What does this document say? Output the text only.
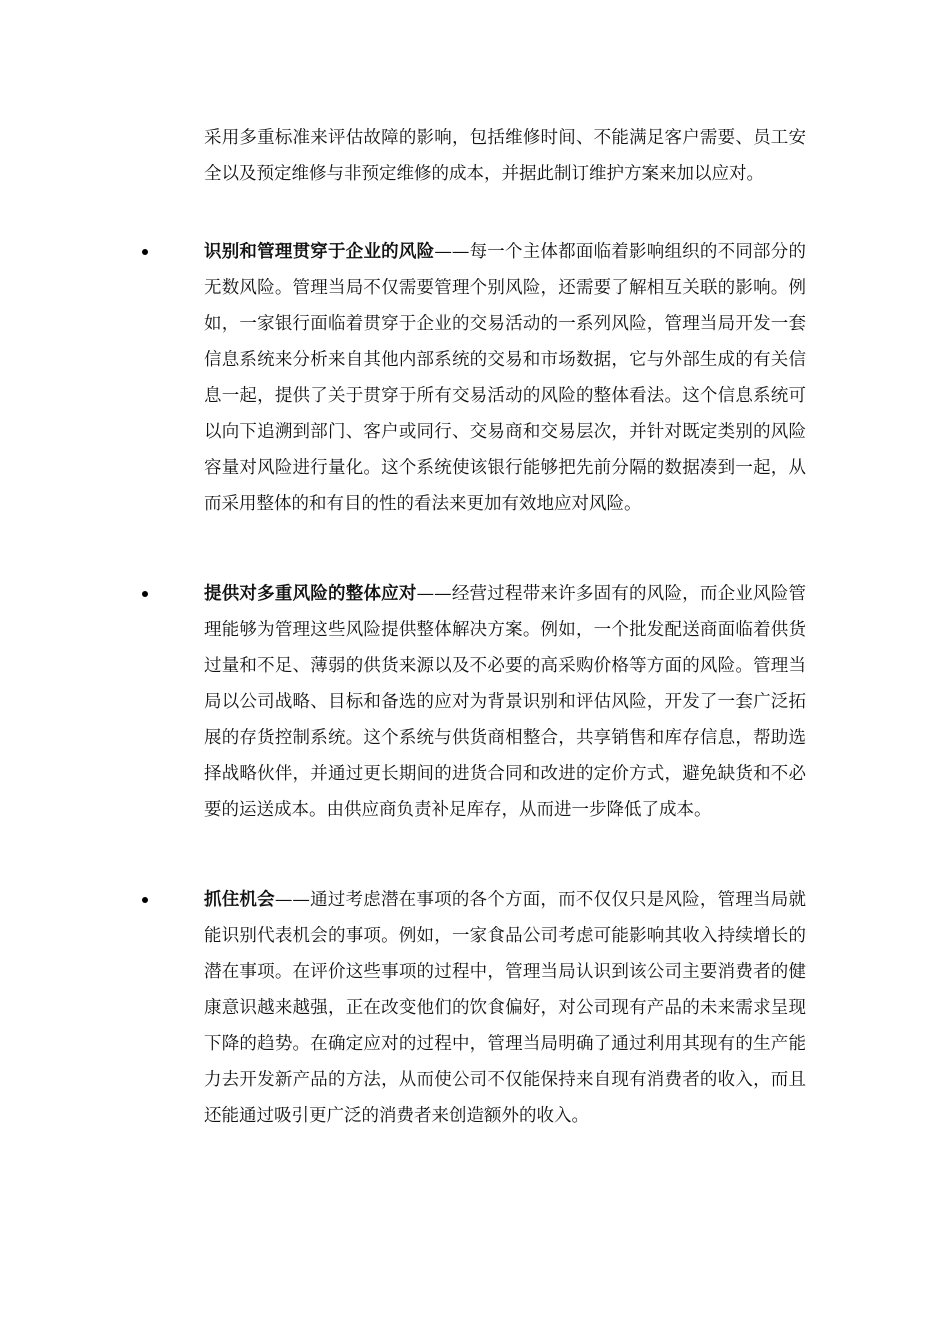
采用多重标准来评估故障的影响，包括维修时间、不能满足客户需要、员工安全以及预定维修与非预定维修的成本，并据此制订维护方案来加以应对。

识别和管理贯穿于企业的风险——每一个主体都面临着影响组织的不同部分的无数风险。管理当局不仅需要管理个别风险，还需要了解相互关联的影响。例如，一家银行面临着贯穿于企业的交易活动的一系列风险，管理当局开发一套信息系统来分析来自其他内部系统的交易和市场数据，它与外部生成的有关信息一起，提供了关于贯穿于所有交易活动的风险的整体看法。这个信息系统可以向下追溯到部门、客户或同行、交易商和交易层次，并针对既定类别的风险容量对风险进行量化。这个系统使该银行能够把先前分隔的数据凑到一起，从而采用整体的和有目的性的看法来更加有效地应对风险。

提供对多重风险的整体应对——经营过程带来许多固有的风险，而企业风险管理能够为管理这些风险提供整体解决方案。例如，一个批发配送商面临着供货过量和不足、薄弱的供货来源以及不必要的高采购价格等方面的风险。管理当局以公司战略、目标和备选的应对为背景识别和评估风险，开发了一套广泛拓展的存货控制系统。这个系统与供货商相整合，共享销售和库存信息，帮助选择战略伙伴，并通过更长期间的进货合同和改进的定价方式，避免缺货和不必要的运送成本。由供应商负责补足库存，从而进一步降低了成本。

抓住机会——通过考虑潜在事项的各个方面，而不仅仅只是风险，管理当局就能识别代表机会的事项。例如，一家食品公司考虑可能影响其收入持续增长的潜在事项。在评价这些事项的过程中，管理当局认识到该公司主要消费者的健康意识越来越强，正在改变他们的饮食偏好，对公司现有产品的未来需求呈现下降的趋势。在确定应对的过程中，管理当局明确了通过利用其现有的生产能力去开发新产品的方法，从而使公司不仅能保持来自现有消费者的收入，而且还能通过吸引更广泛的消费者来创造额外的收入。
